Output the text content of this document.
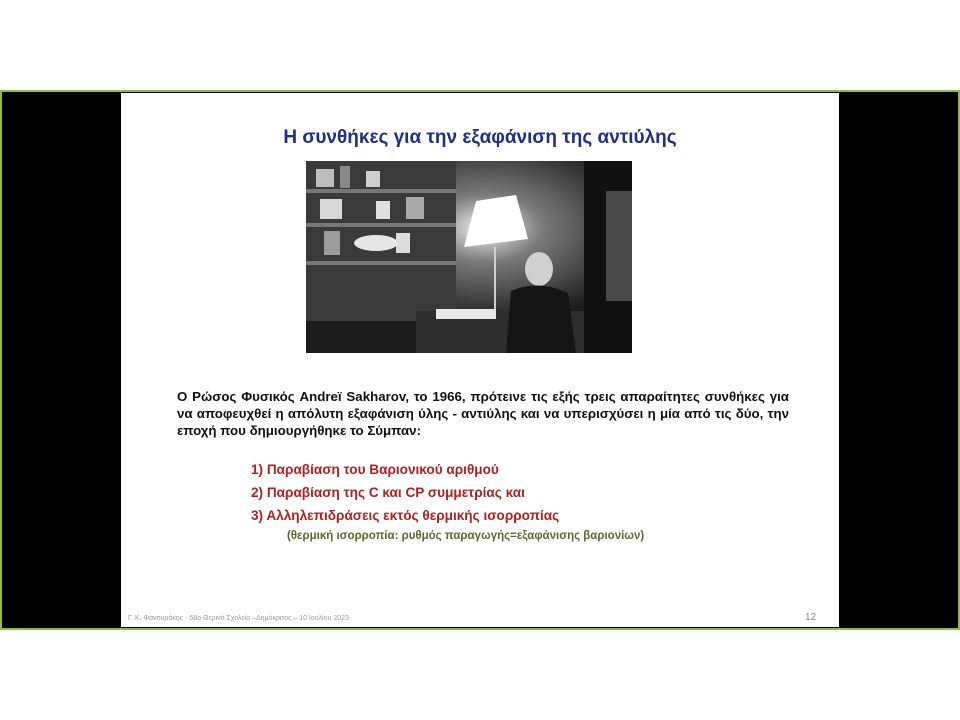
Η συνθήκες για την εξαφάνιση της αντιύλης
Ο Ρώσος Φυσικός Andreï Sakharov, το 1966, πρότεινε τις εξής τρεις απαραίτητες συνθήκες για να αποφευχθεί η απόλυτη εξαφάνιση ύλης - αντιύλης και να υπερισχύσει η μία από τις δύο, την εποχή που δημιουργήθηκε το Σύμπαν:
1) Παραβίαση του Βαριονικού αριθμού
2) Παραβίαση της C και CP συμμετρίας και
3) Αλληλεπιδράσεις εκτός θερμικής ισορροπίας
(θερμική ισορροπία: ρυθμός παραγωγής=εξαφάνισης βαριονίων)
Γ. Κ. Φανουράκης - 58ο Θερινό Σχολείο –Δημόκριτος – 10 Ιουλίου 2023	12
